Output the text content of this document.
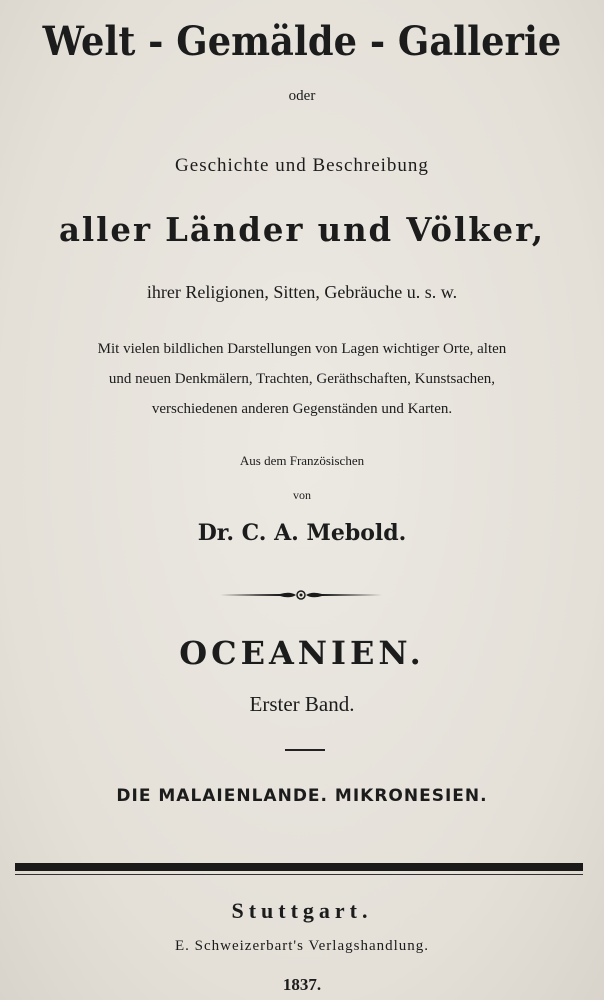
Welt - Gemälde - Gallerie
oder
Geschichte und Beschreibung
aller Länder und Völker,
ihrer Religionen, Sitten, Gebräuche u. s. w.
Mit vielen bildlichen Darstellungen von Lagen wichtiger Orte, alten
und neuen Denkmälern, Trachten, Geräthschaften, Kunstsachen,
verschiedenen anderen Gegenständen und Karten.
Aus dem Französischen
von
Dr. C. A. Mebold.
OCEANIEN.
Erster Band.
DIE MALAIENLANDE. MIKRONESIEN.
Stuttgart.
E. Schweizerbart's Verlagshandlung.
1837.
